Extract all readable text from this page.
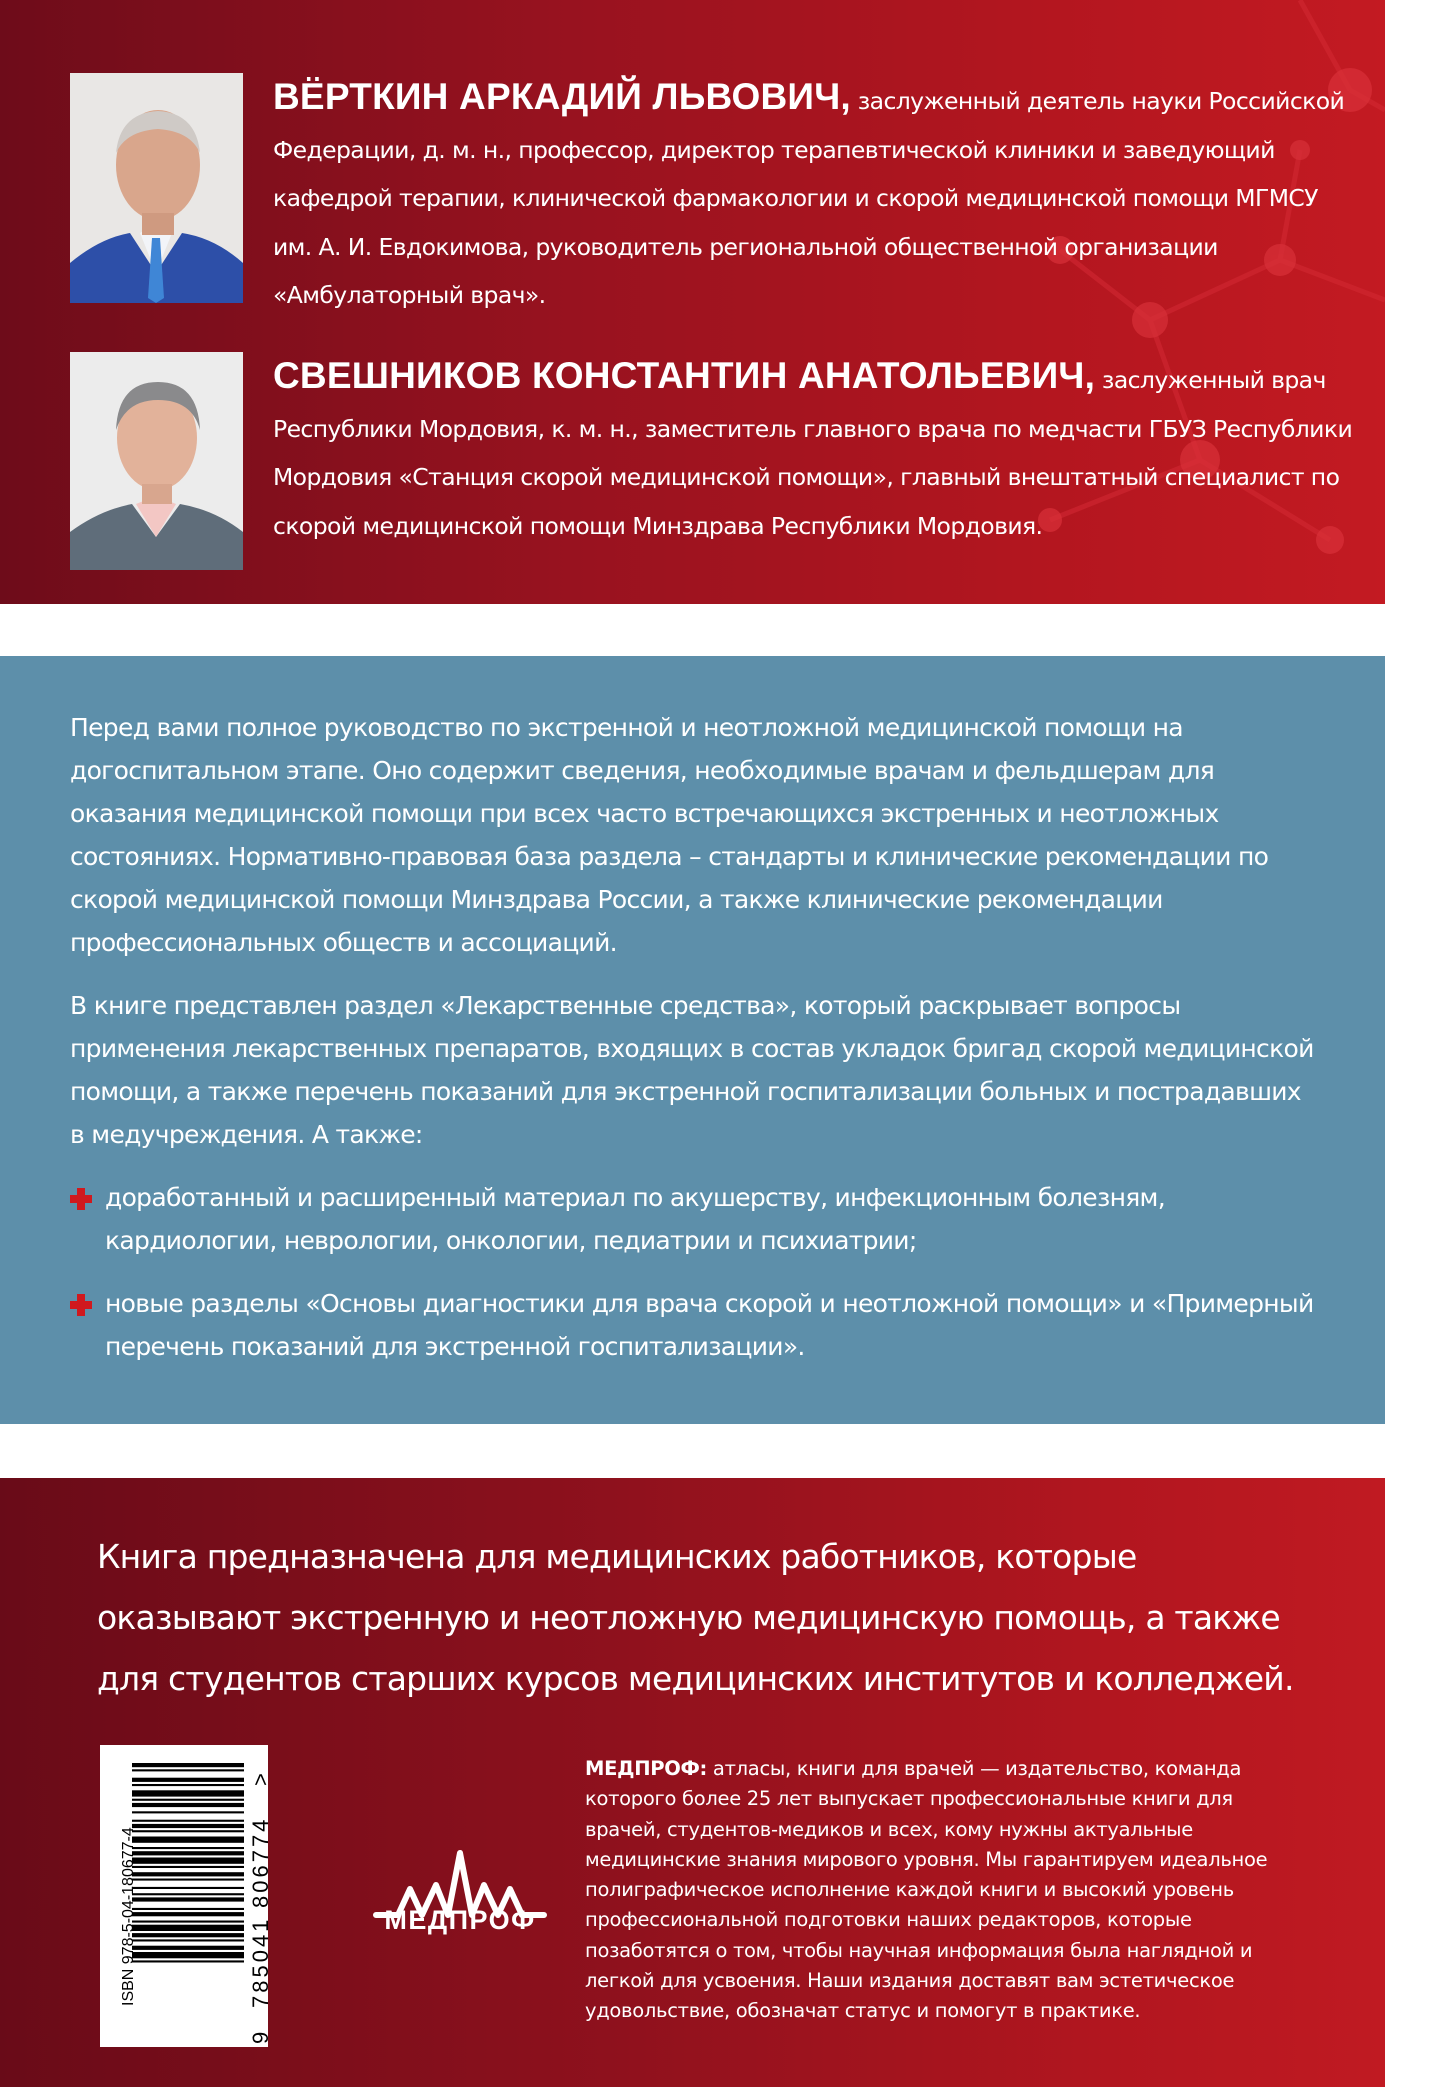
ВЁРТКИН АРКАДИЙ ЛЬВОВИЧ, заслуженный деятель науки Российской Федерации, д. м. н., профессор, директор терапевтической клиники и заведующий кафедрой терапии, клинической фармакологии и скорой медицинской помощи МГМСУ им. А. И. Евдокимова, руководитель региональной общественной организации «Амбулаторный врач».
СВЕШНИКОВ КОНСТАНТИН АНАТОЛЬЕВИЧ, заслуженный врач Республики Мордовия, к. м. н., заместитель главного врача по медчасти ГБУЗ Республики Мордовия «Станция скорой медицинской помощи», главный внештатный специалист по скорой медицинской помощи Минздрава Республики Мордовия.

Перед вами полное руководство по экстренной и неотложной медицинской помощи на догоспитальном этапе. Оно содержит сведения, необходимые врачам и фельдшерам для оказания медицинской помощи при всех часто встречающихся экстренных и неотложных состояниях. Нормативно-правовая база раздела – стандарты и клинические рекомендации по скорой медицинской помощи Минздрава России, а также клинические рекомендации профессиональных обществ и ассоциаций.

В книге представлен раздел «Лекарственные средства», который раскрывает вопросы применения лекарственных препаратов, входящих в состав укладок бригад скорой медицинской помощи, а также перечень показаний для экстренной госпитализации больных и пострадавших в медучреждения. А также:

доработанный и расширенный материал по акушерству, инфекционным болезням, кардиологии, неврологии, онкологии, педиатрии и психиатрии;
новые разделы «Основы диагностики для врача скорой и неотложной помощи» и «Примерный перечень показаний для экстренной госпитализации».
Книга предназначена для медицинских работников, которые оказывают экстренную и неотложную медицинскую помощь, а также для студентов старших курсов медицинских институтов и колледжей.
ISBN 978-5-04-180677-4
9
785041
806774
>
МЕДПРОФ
МЕДПРОФ: атласы, книги для врачей — издательство, команда которого более 25 лет выпускает профессиональные книги для врачей, студентов-медиков и всех, кому нужны актуальные медицинские знания мирового уровня. Мы гарантируем идеальное полиграфическое исполнение каждой книги и высокий уровень профессиональной подготовки наших редакторов, которые позаботятся о том, чтобы научная информация была наглядной и легкой для усвоения. Наши издания доставят вам эстетическое удовольствие, обозначат статус и помогут в практике.
